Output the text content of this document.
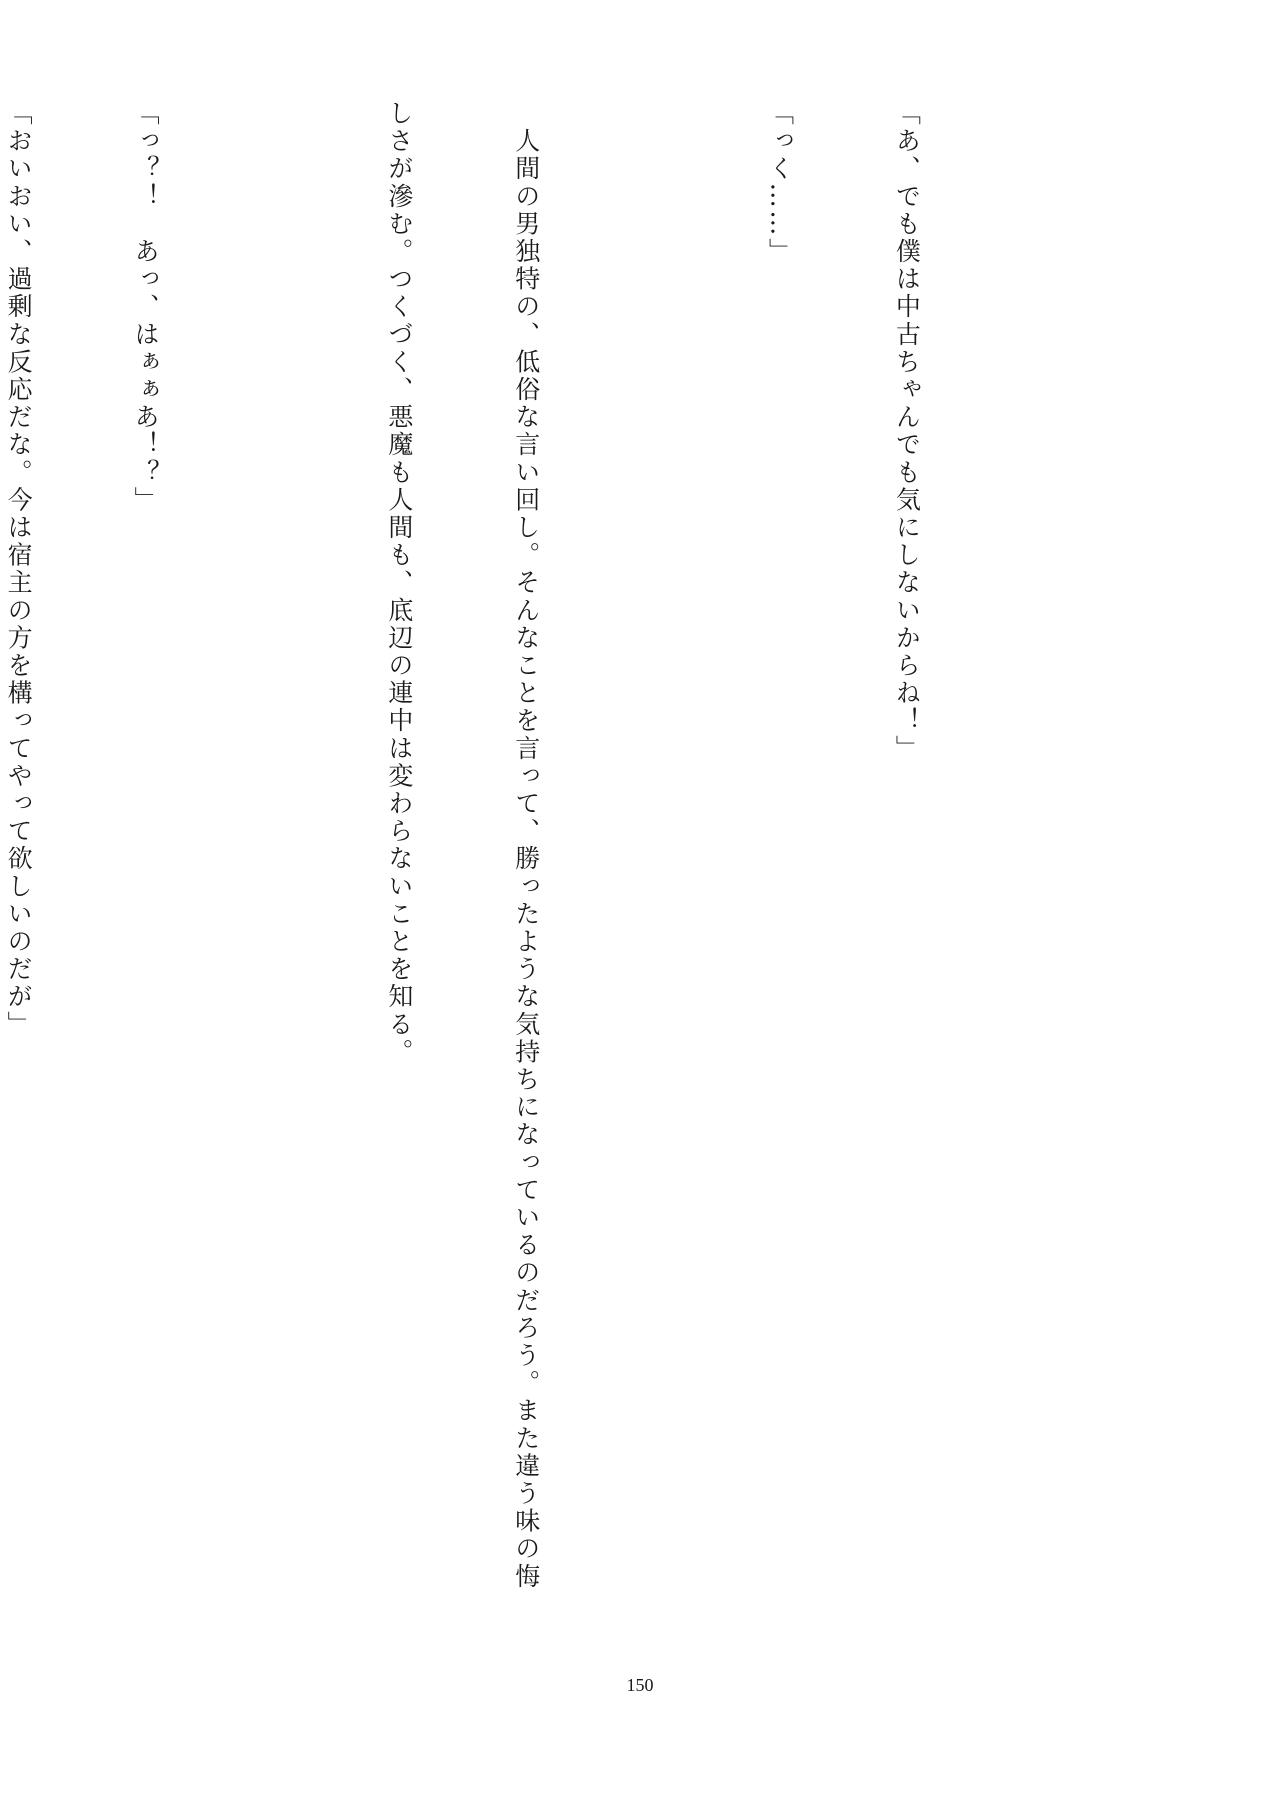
「あ、でも僕は中古ちゃんでも気にしないからね！」

「っく……」

　人間の男独特の、低俗な言い回し。そんなことを言って、勝ったような気持ちになっているのだろう。また違う味の悔

しさが滲む。つくづく、悪魔も人間も、底辺の連中は変わらないことを知る。

「っ？！　あっ、はぁぁあ！？」

「おいおい、過剰な反応だな。今は宿主の方を構ってやって欲しいのだが」

150
